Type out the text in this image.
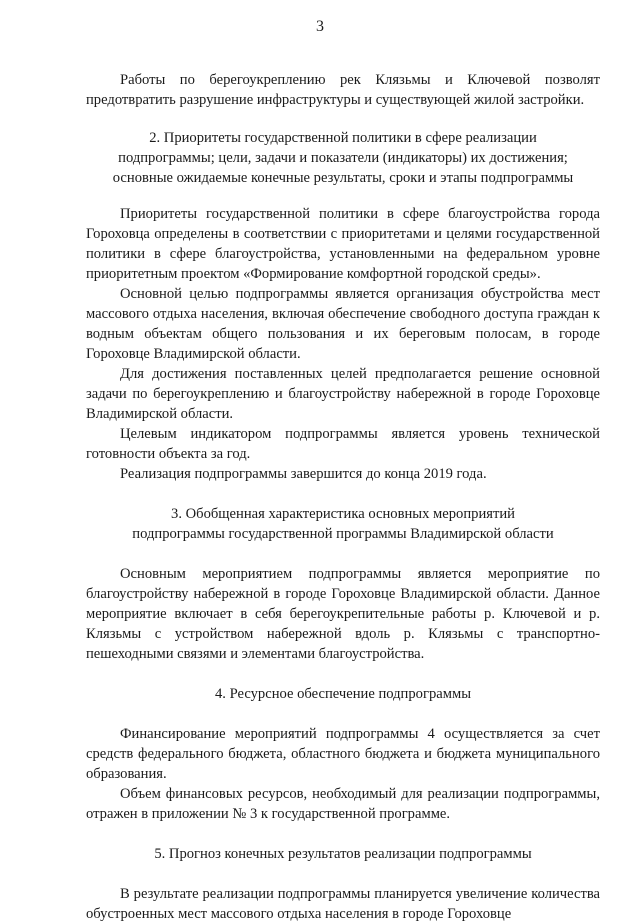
3

Работы по берегоукреплению рек Клязьмы и Ключевой позволят предотвратить разрушение инфраструктуры и существующей жилой застройки.

2. Приоритеты государственной политики в сфере реализации
подпрограммы; цели, задачи и показатели (индикаторы) их достижения;
основные ожидаемые конечные результаты, сроки и этапы подпрограммы

Приоритеты государственной политики в сфере благоустройства города Гороховца определены в соответствии с приоритетами и целями государственной политики в сфере благоустройства, установленными на федеральном уровне приоритетным проектом «Формирование комфортной городской среды».

Основной целью подпрограммы является организация обустройства мест массового отдыха населения, включая обеспечение свободного доступа граждан к водным объектам общего пользования и их береговым полосам, в городе Гороховце Владимирской области.

Для достижения поставленных целей предполагается решение основной задачи по берегоукреплению и благоустройству набережной в городе Гороховце Владимирской области.

Целевым индикатором подпрограммы является уровень технической готовности объекта за год.

Реализация подпрограммы завершится до конца 2019 года.

3. Обобщенная характеристика основных мероприятий
подпрограммы государственной программы Владимирской области

Основным мероприятием подпрограммы является мероприятие по благоустройству набережной в городе Гороховце Владимирской области. Данное мероприятие включает в себя берегоукрепительные работы р. Ключевой и р. Клязьмы с устройством набережной вдоль р. Клязьмы с транспортно-пешеходными связями и элементами благоустройства.

4. Ресурсное обеспечение подпрограммы

Финансирование мероприятий подпрограммы 4 осуществляется за счет средств федерального бюджета, областного бюджета и бюджета муниципального образования.

Объем финансовых ресурсов, необходимый для реализации подпрограммы, отражен в приложении № 3 к государственной программе.

5. Прогноз конечных результатов реализации подпрограммы

В результате реализации подпрограммы планируется увеличение количества обустроенных мест массового отдыха населения в городе Гороховце
